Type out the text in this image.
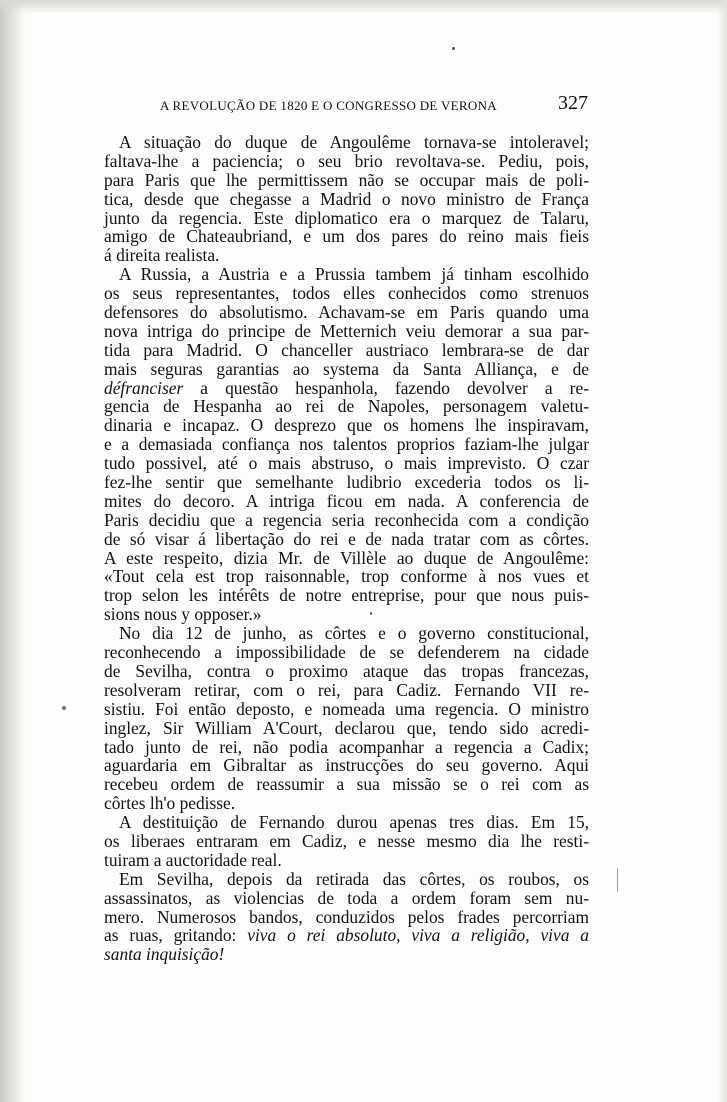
A REVOLUÇÃO DE 1820 E O CONGRESSO DE VERONA	327
A situação do duque de Angoulême tornava-se intoleravel;
faltava-lhe a paciencia; o seu brio revoltava-se. Pediu, pois,
para Paris que lhe permittissem não se occupar mais de poli-
tica, desde que chegasse a Madrid o novo ministro de França
junto da regencia. Este diplomatico era o marquez de Talaru,
amigo de Chateaubriand, e um dos pares do reino mais fieis
á direita realista.
A Russia, a Austria e a Prussia tambem já tinham escolhido
os seus representantes, todos elles conhecidos como strenuos
defensores do absolutismo. Achavam-se em Paris quando uma
nova intriga do principe de Metternich veiu demorar a sua par-
tida para Madrid. O chanceller austriaco lembrara-se de dar
mais seguras garantias ao systema da Santa Alliança, e de
défranciser a questão hespanhola, fazendo devolver a re-
gencia de Hespanha ao rei de Napoles, personagem valetu-
dinaria e incapaz. O desprezo que os homens lhe inspiravam,
e a demasiada confiança nos talentos proprios faziam-lhe julgar
tudo possivel, até o mais abstruso, o mais imprevisto. O czar
fez-lhe sentir que semelhante ludibrio excederia todos os li-
mites do decoro. A intriga ficou em nada. A conferencia de
Paris decidiu que a regencia seria reconhecida com a condição
de só visar á libertação do rei e de nada tratar com as côrtes.
A este respeito, dizia Mr. de Villèle ao duque de Angoulême:
«Tout cela est trop raisonnable, trop conforme à nos vues et
trop selon les intérêts de notre entreprise, pour que nous puis-
sions nous y opposer.»
No dia 12 de junho, as côrtes e o governo constitucional,
reconhecendo a impossibilidade de se defenderem na cidade
de Sevilha, contra o proximo ataque das tropas francezas,
resolveram retirar, com o rei, para Cadiz. Fernando VII re-
sistiu. Foi então deposto, e nomeada uma regencia. O ministro
inglez, Sir William A'Court, declarou que, tendo sido acredi-
tado junto de rei, não podia acompanhar a regencia a Cadix;
aguardaria em Gibraltar as instrucções do seu governo. Aqui
recebeu ordem de reassumir a sua missão se o rei com as
côrtes lh'o pedisse.
A destituição de Fernando durou apenas tres dias. Em 15,
os liberaes entraram em Cadiz, e nesse mesmo dia lhe resti-
tuiram a auctoridade real.
Em Sevilha, depois da retirada das côrtes, os roubos, os
assassinatos, as violencias de toda a ordem foram sem nu-
mero. Numerosos bandos, conduzidos pelos frades percorriam
as ruas, gritando: viva o rei absoluto, viva a religião, viva a
santa inquisição!
